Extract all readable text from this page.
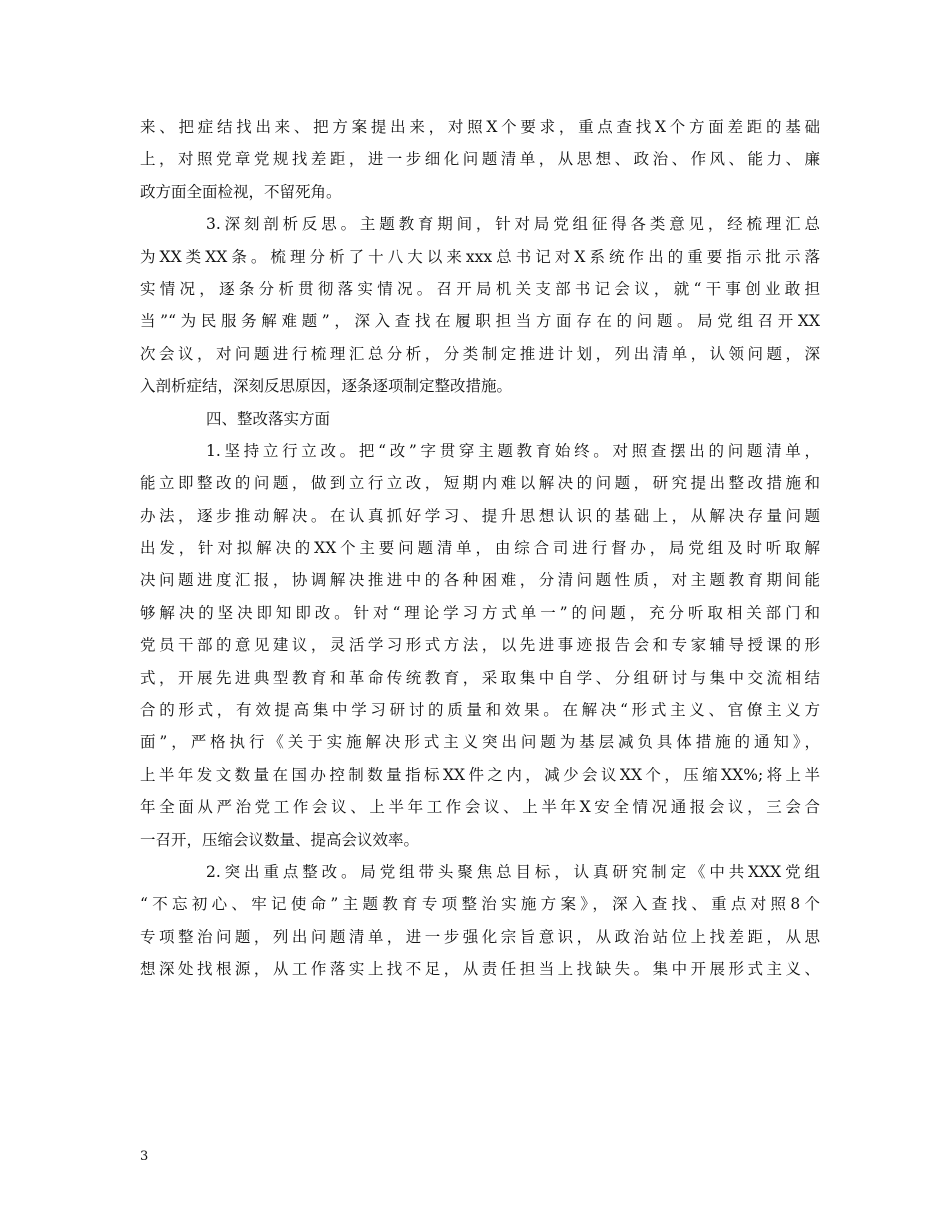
来、把症结找出来、把方案提出来，对照X个要求，重点查找X个方面差距的基础
上，对照党章党规找差距，进一步细化问题清单，从思想、政治、作风、能力、廉
政方面全面检视，不留死角。
3.深刻剖析反思。主题教育期间，针对局党组征得各类意见，经梳理汇总
为XX类XX条。梳理分析了十八大以来xxx总书记对X系统作出的重要指示批示落
实情况，逐条分析贯彻落实情况。召开局机关支部书记会议，就“干事创业敢担
当”“为民服务解难题”，深入查找在履职担当方面存在的问题。局党组召开XX
次会议，对问题进行梳理汇总分析，分类制定推进计划，列出清单，认领问题，深
入剖析症结，深刻反思原因，逐条逐项制定整改措施。
四、整改落实方面
1.坚持立行立改。把“改”字贯穿主题教育始终。对照查摆出的问题清单，
能立即整改的问题，做到立行立改，短期内难以解决的问题，研究提出整改措施和
办法，逐步推动解决。在认真抓好学习、提升思想认识的基础上，从解决存量问题
出发，针对拟解决的XX个主要问题清单，由综合司进行督办，局党组及时听取解
决问题进度汇报，协调解决推进中的各种困难，分清问题性质，对主题教育期间能
够解决的坚决即知即改。针对“理论学习方式单一”的问题，充分听取相关部门和
党员干部的意见建议，灵活学习形式方法，以先进事迹报告会和专家辅导授课的形
式，开展先进典型教育和革命传统教育，采取集中自学、分组研讨与集中交流相结
合的形式，有效提高集中学习研讨的质量和效果。在解决“形式主义、官僚主义方
面”，严格执行《关于实施解决形式主义突出问题为基层减负具体措施的通知》，
上半年发文数量在国办控制数量指标XX件之内，减少会议XX个，压缩XX%;将上半
年全面从严治党工作会议、上半年工作会议、上半年X安全情况通报会议，三会合
一召开，压缩会议数量、提高会议效率。
2.突出重点整改。局党组带头聚焦总目标，认真研究制定《中共XXX党组
“不忘初心、牢记使命”主题教育专项整治实施方案》，深入查找、重点对照8个
专项整治问题，列出问题清单，进一步强化宗旨意识，从政治站位上找差距，从思
想深处找根源，从工作落实上找不足，从责任担当上找缺失。集中开展形式主义、
3
